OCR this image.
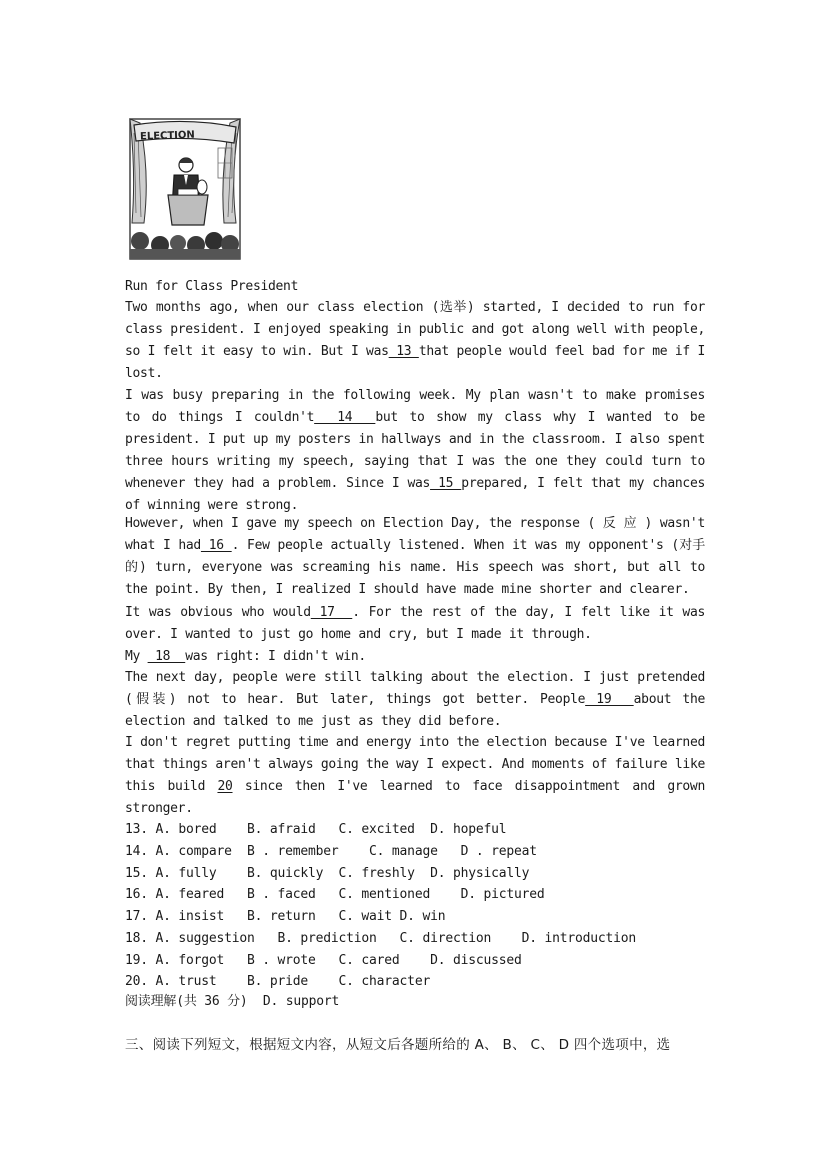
ELECTION
Run for Class President
Two months ago, when our class election (选举) started, I decided to run for class president. I enjoyed speaking in public and got along well with people, so I felt it easy to win. But I was 13 that people would feel bad for me if I lost.
I was busy preparing in the following week. My plan wasn't to make promises to do things I couldn't  14  but to show my class why I wanted to be president. I put up my posters in hallways and in the classroom. I also spent three hours writing my speech, saying that I was the one they could turn to whenever they had a problem. Since I was 15 prepared, I felt that my chances of winning were strong.
However, when I gave my speech on Election Day, the response ( 反 应 ) wasn't what I had 16 . Few people actually listened. When it was my opponent's (对手的) turn, everyone was screaming his name. His speech was short, but all to the point. By then, I realized I should have made mine shorter and clearer.
It was obvious who would 17  . For the rest of the day, I felt like it was over. I wanted to just go home and cry, but I made it through.
My  18  was right: I didn't win.
The next day, people were still talking about the election. I just pretended (假装) not to hear. But later, things got better. People 19  about the election and talked to me just as they did before.
I don't regret putting time and energy into the election because I've learned that things aren't always going the way I expect. And moments of failure like this build 20 since then I've learned to face disappointment and grown stronger.
13. A. bored    B. afraid   C. excited  D. hopeful
14. A. compare  B . remember    C. manage   D . repeat
15. A. fully    B. quickly  C. freshly  D. physically
16. A. feared   B . faced   C. mentioned    D. pictured
17. A. insist   B. return   C. wait D. win
18. A. suggestion   B. prediction   C. direction    D. introduction
19. A. forgot   B . wrote   C. cared    D. discussed
20. A. trust    B. pride    C. character
阅读理解(共 36 分)  D. support
三、阅读下列短文，根据短文内容，从短文后各题所给的 A、 B、 C、 D 四个选项中，选
